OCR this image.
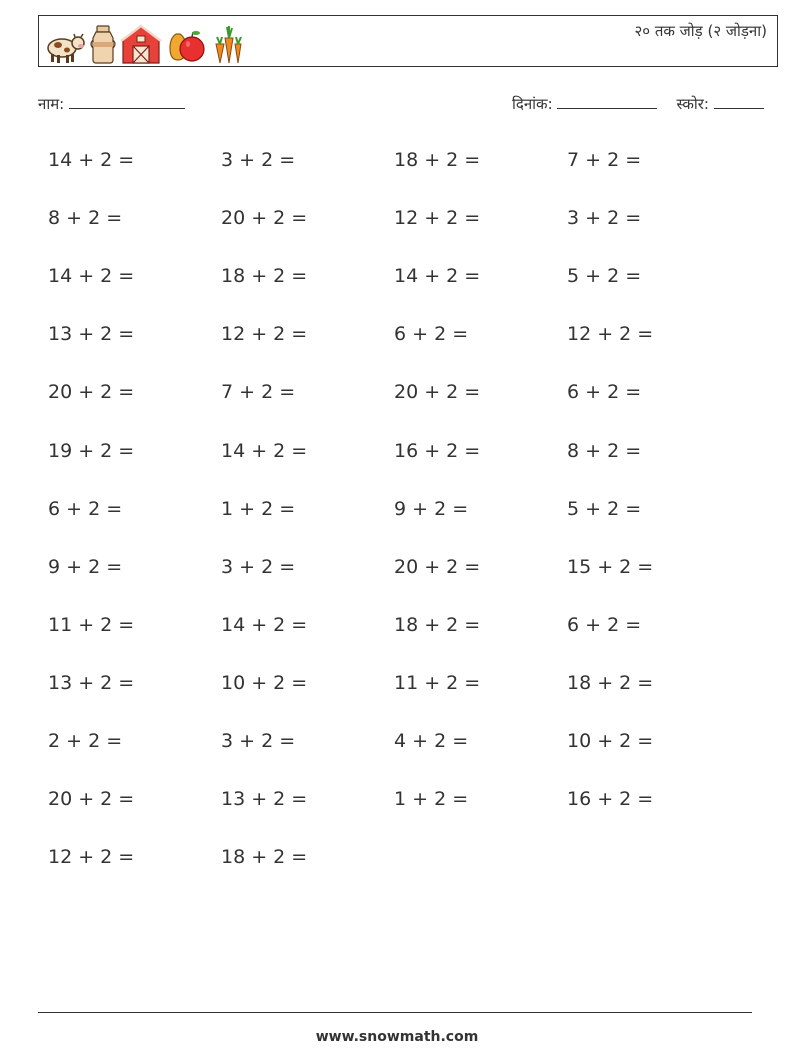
२० तक जोड़ (२ जोड़ना)
नाम:	दिनांक:	स्कोर:
14 + 2 =	3 + 2 =	18 + 2 =	7 + 2 =
8 + 2 =	20 + 2 =	12 + 2 =	3 + 2 =
14 + 2 =	18 + 2 =	14 + 2 =	5 + 2 =
13 + 2 =	12 + 2 =	6 + 2 =	12 + 2 =
20 + 2 =	7 + 2 =	20 + 2 =	6 + 2 =
19 + 2 =	14 + 2 =	16 + 2 =	8 + 2 =
6 + 2 =	1 + 2 =	9 + 2 =	5 + 2 =
9 + 2 =	3 + 2 =	20 + 2 =	15 + 2 =
11 + 2 =	14 + 2 =	18 + 2 =	6 + 2 =
13 + 2 =	10 + 2 =	11 + 2 =	18 + 2 =
2 + 2 =	3 + 2 =	4 + 2 =	10 + 2 =
20 + 2 =	13 + 2 =	1 + 2 =	16 + 2 =
12 + 2 =	18 + 2 =
www.snowmath.com
